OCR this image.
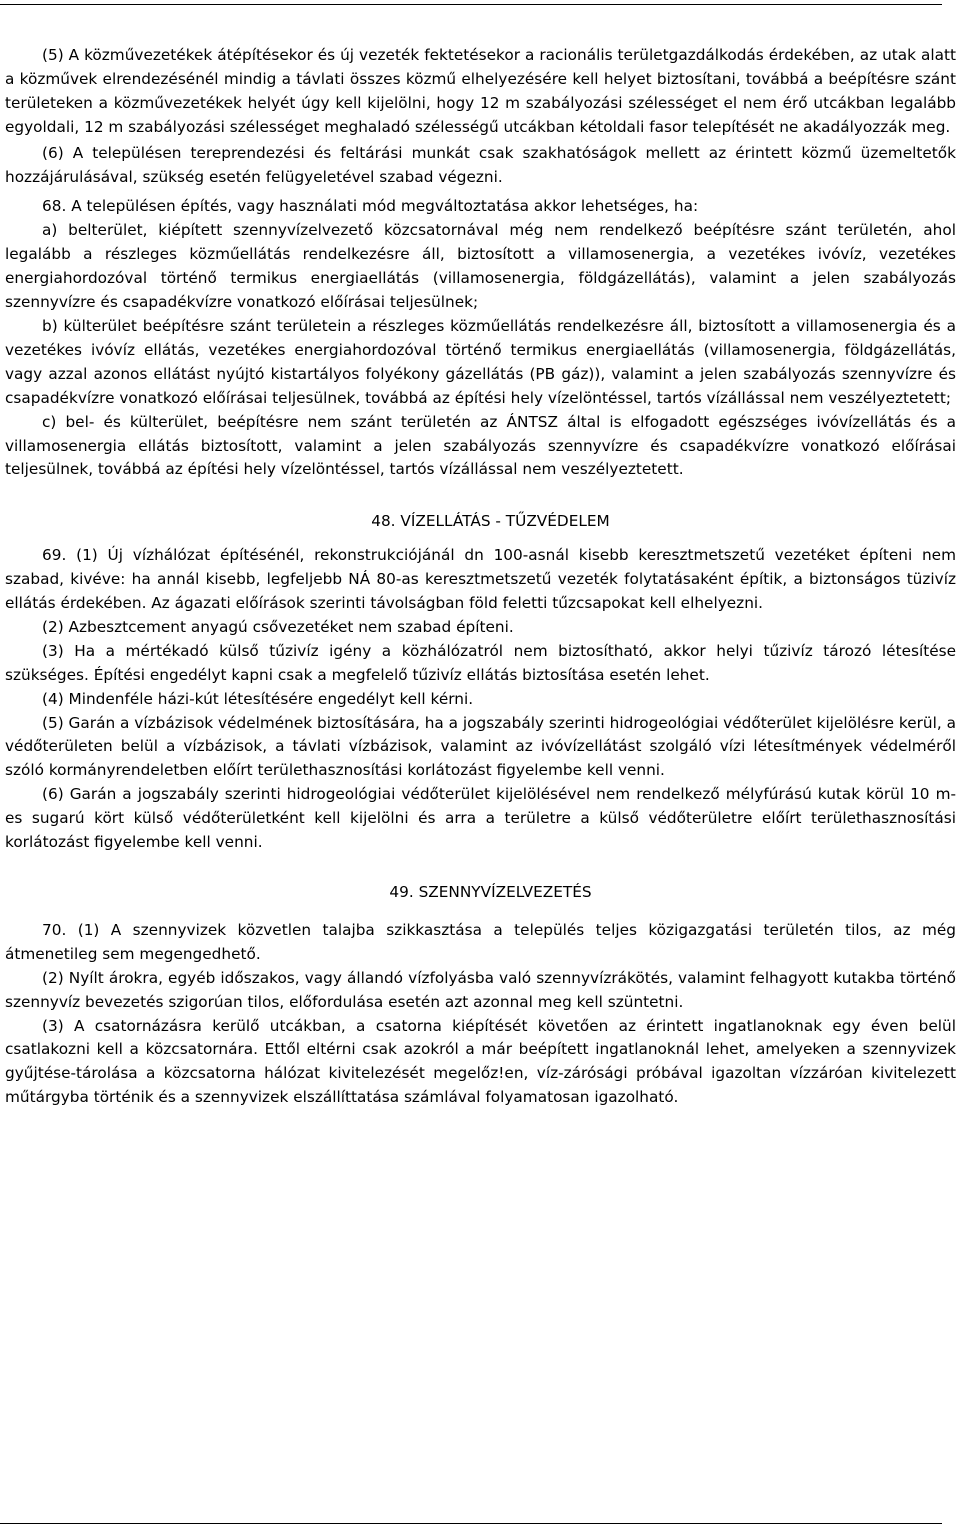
(5) A közművezetékek átépítésekor és új vezeték fektetésekor a racionális területgazdálkodás érdekében, az utak alatt a közművek elrendezésénél mindig a távlati összes közmű elhelyezésére kell helyet biztosítani, továbbá a beépítésre szánt területeken a közművezetékek helyét úgy kell kijelölni, hogy 12 m szabályozási szélességet el nem érő utcákban legalább egyoldali, 12 m szabályozási szélességet meghaladó szélességű utcákban kétoldali fasor telepítését ne akadályozzák meg.

(6) A településen tereprendezési és feltárási munkát csak szakhatóságok mellett az érintett közmű üzemeltetők hozzájárulásával, szükség esetén felügyeletével szabad végezni.

68. A településen építés, vagy használati mód megváltoztatása akkor lehetséges, ha:

a) belterület, kiépített szennyvízelvezető közcsatornával még nem rendelkező beépítésre szánt területén, ahol legalább a részleges közműellátás rendelkezésre áll, biztosított a villamosenergia, a vezetékes ivóvíz, vezetékes energiahordozóval történő termikus energiaellátás (villamosenergia, földgázellátás), valamint a jelen szabályozás szennyvízre és csapadékvízre vonatkozó előírásai teljesülnek;

b) külterület beépítésre szánt területein a részleges közműellátás rendelkezésre áll, biztosított a villamosenergia és a vezetékes ivóvíz ellátás, vezetékes energiahordozóval történő termikus energiaellátás (villamosenergia, földgázellátás, vagy azzal azonos ellátást nyújtó kistartályos folyékony gázellátás (PB gáz)), valamint a jelen szabályozás szennyvízre és csapadékvízre vonatkozó előírásai teljesülnek, továbbá az építési hely vízelöntéssel, tartós vízállással nem veszélyeztetett;

c) bel- és külterület, beépítésre nem szánt területén az ÁNTSZ által is elfogadott egészséges ivóvízellátás és a villamosenergia ellátás biztosított, valamint a jelen szabályozás szennyvízre és csapadékvízre vonatkozó előírásai teljesülnek, továbbá az építési hely vízelöntéssel, tartós vízállással nem veszélyeztetett.

48. VÍZELLÁTÁS - TŰZVÉDELEM

69. (1) Új vízhálózat építésénél, rekonstrukciójánál dn 100-asnál kisebb keresztmetszetű vezetéket építeni nem szabad, kivéve: ha annál kisebb, legfeljebb NÁ 80-as keresztmetszetű vezeték folytatásaként építik, a biztonságos tüzivíz ellátás érdekében. Az ágazati előírások szerinti távolságban föld feletti tűzcsapokat kell elhelyezni.

(2) Azbesztcement anyagú csővezetéket nem szabad építeni.

(3) Ha a mértékadó külső tűzivíz igény a közhálózatról nem biztosítható, akkor helyi tűzivíz tározó létesítése szükséges. Építési engedélyt kapni csak a megfelelő tűzivíz ellátás biztosítása esetén lehet.

(4) Mindenféle házi-kút létesítésére engedélyt kell kérni.

(5) Garán a vízbázisok védelmének biztosítására, ha a jogszabály szerinti hidrogeológiai védőterület kijelölésre kerül, a védőterületen belül a vízbázisok, a távlati vízbázisok, valamint az ivóvízellátást szolgáló vízi létesítmények védelméről szóló kormányrendeletben előírt területhasznosítási korlátozást figyelembe kell venni.

(6) Garán a jogszabály szerinti hidrogeológiai védőterület kijelölésével nem rendelkező mélyfúrású kutak körül 10 m-es sugarú kört külső védőterületként kell kijelölni és arra a területre a külső védőterületre előírt területhasznosítási korlátozást figyelembe kell venni.

49. SZENNYVÍZELVEZETÉS

70. (1) A szennyvizek közvetlen talajba szikkasztása a település teljes közigazgatási területén tilos, az még átmenetileg sem megengedhető.

(2) Nyílt árokra, egyéb időszakos, vagy állandó vízfolyásba való szennyvízrákötés, valamint felhagyott kutakba történő szennyvíz bevezetés szigorúan tilos, előfordulása esetén azt azonnal meg kell szüntetni.

(3) A csatornázásra kerülő utcákban, a csatorna kiépítését követően az érintett ingatlanoknak egy éven belül csatlakozni kell a közcsatornára. Ettől eltérni csak azokról a már beépített ingatlanoknál lehet, amelyeken a szennyvizek gyűjtése-tárolása a közcsatorna hálózat kivitelezését megelőz!en, víz-zárósági próbával igazoltan vízzáróan kivitelezett műtárgyba történik és a szennyvizek elszállíttatása számlával folyamatosan igazolható.
